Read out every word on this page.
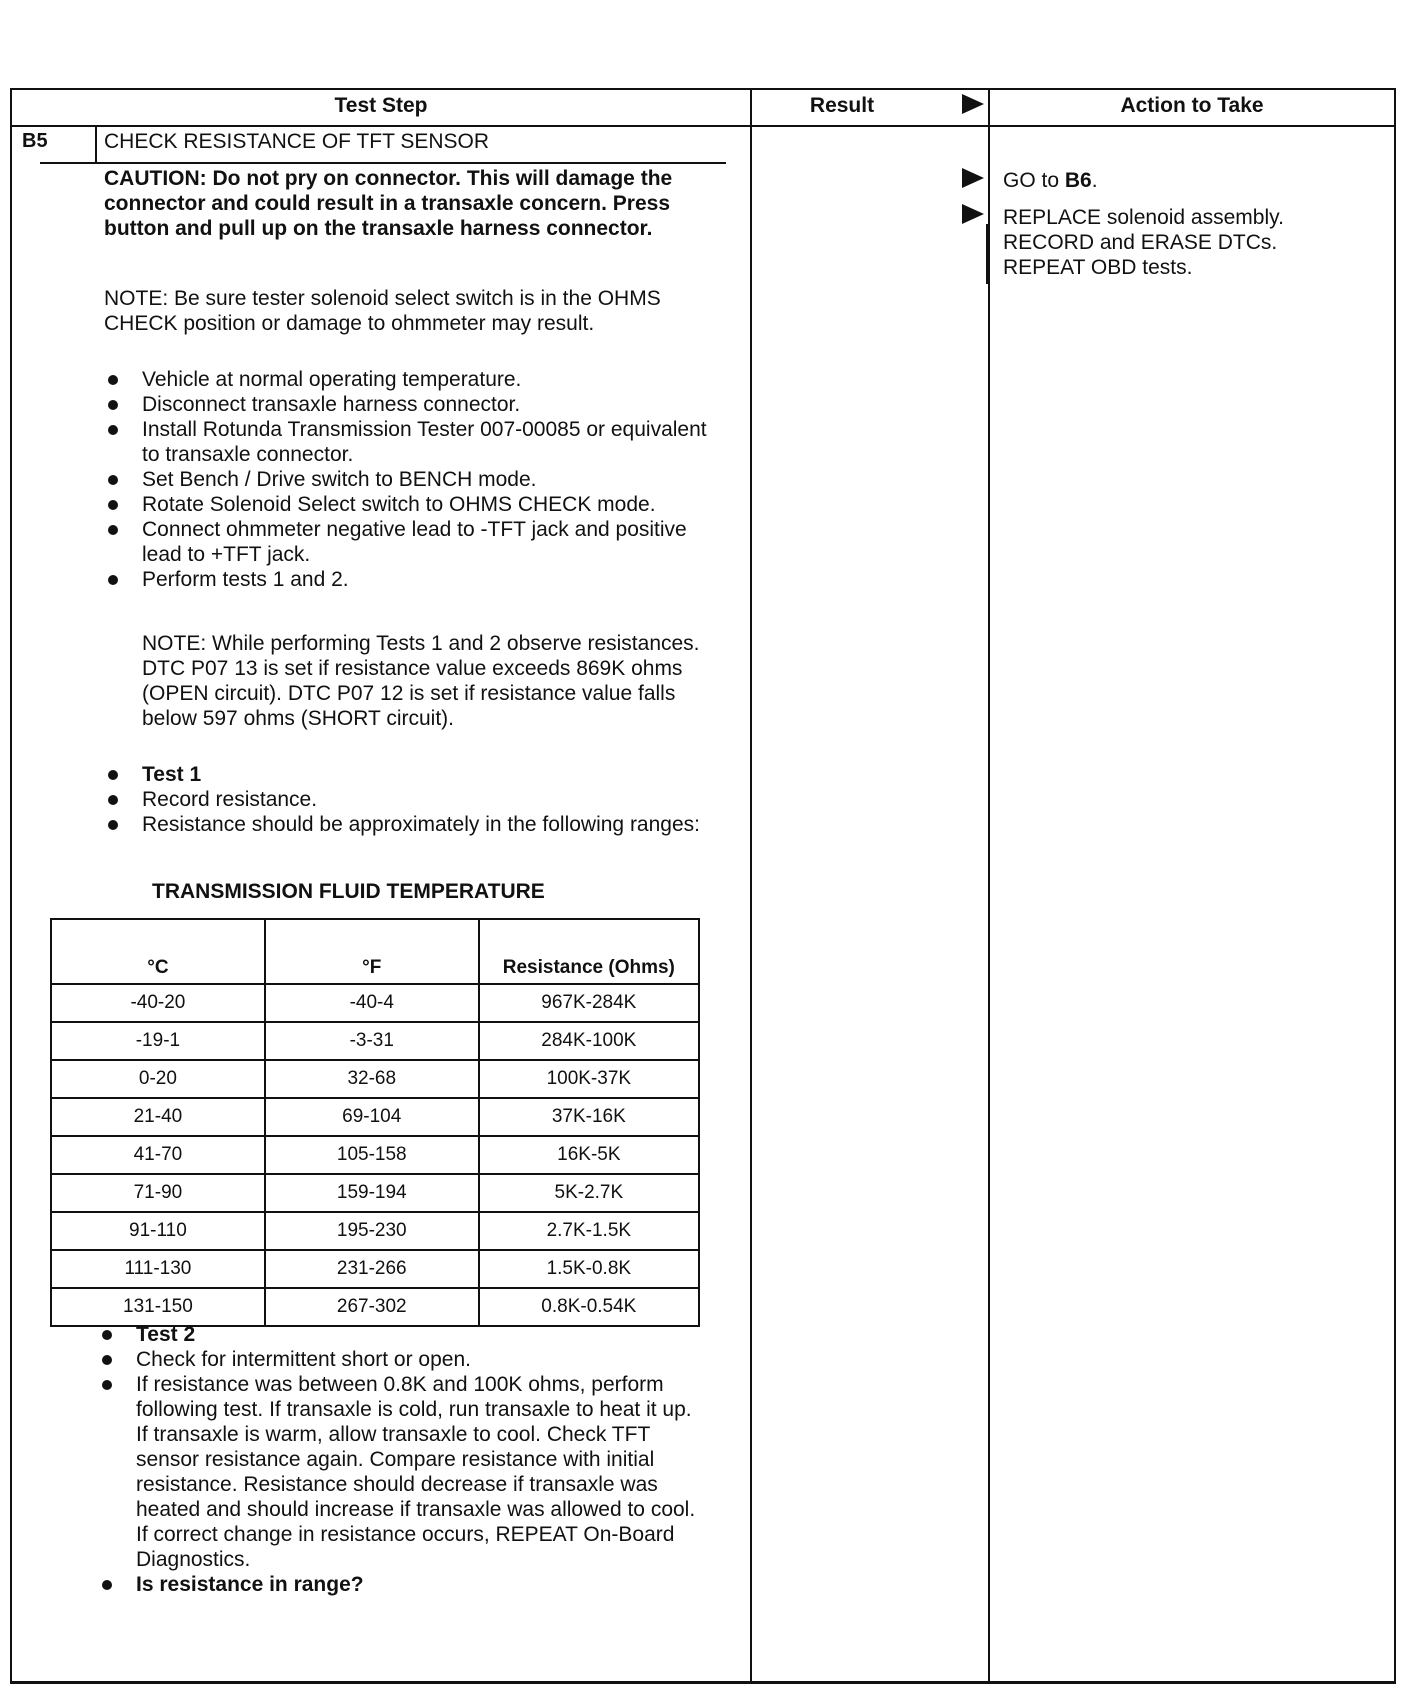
Test Step	Result	Action to Take
B5	CHECK RESISTANCE OF TFT SENSOR
CAUTION: Do not pry on connector. This will damage the connector and could result in a transaxle concern. Press button and pull up on the transaxle harness connector.
NOTE: Be sure tester solenoid select switch is in the OHMS CHECK position or damage to ohmmeter may result.
Vehicle at normal operating temperature.
Disconnect transaxle harness connector.
Install Rotunda Transmission Tester 007-00085 or equivalent to transaxle connector.
Set Bench / Drive switch to BENCH mode.
Rotate Solenoid Select switch to OHMS CHECK mode.
Connect ohmmeter negative lead to -TFT jack and positive lead to +TFT jack.
Perform tests 1 and 2.
NOTE: While performing Tests 1 and 2 observe resistances. DTC P07 13 is set if resistance value exceeds 869K ohms (OPEN circuit). DTC P07 12 is set if resistance value falls below 597 ohms (SHORT circuit).
Test 1
Record resistance.
Resistance should be approximately in the following ranges:
TRANSMISSION FLUID TEMPERATURE
°C	°F	Resistance (Ohms)
-40-20	-40-4	967K-284K
-19-1	-3-31	284K-100K
0-20	32-68	100K-37K
21-40	69-104	37K-16K
41-70	105-158	16K-5K
71-90	159-194	5K-2.7K
91-110	195-230	2.7K-1.5K
111-130	231-266	1.5K-0.8K
131-150	267-302	0.8K-0.54K
Test 2
Check for intermittent short or open.
If resistance was between 0.8K and 100K ohms, perform following test. If transaxle is cold, run transaxle to heat it up. If transaxle is warm, allow transaxle to cool. Check TFT sensor resistance again. Compare resistance with initial resistance. Resistance should decrease if transaxle was heated and should increase if transaxle was allowed to cool. If correct change in resistance occurs, REPEAT On-Board Diagnostics.
Is resistance in range?
GO to B6.
REPLACE solenoid assembly.
RECORD and ERASE DTCs.
REPEAT OBD tests.
